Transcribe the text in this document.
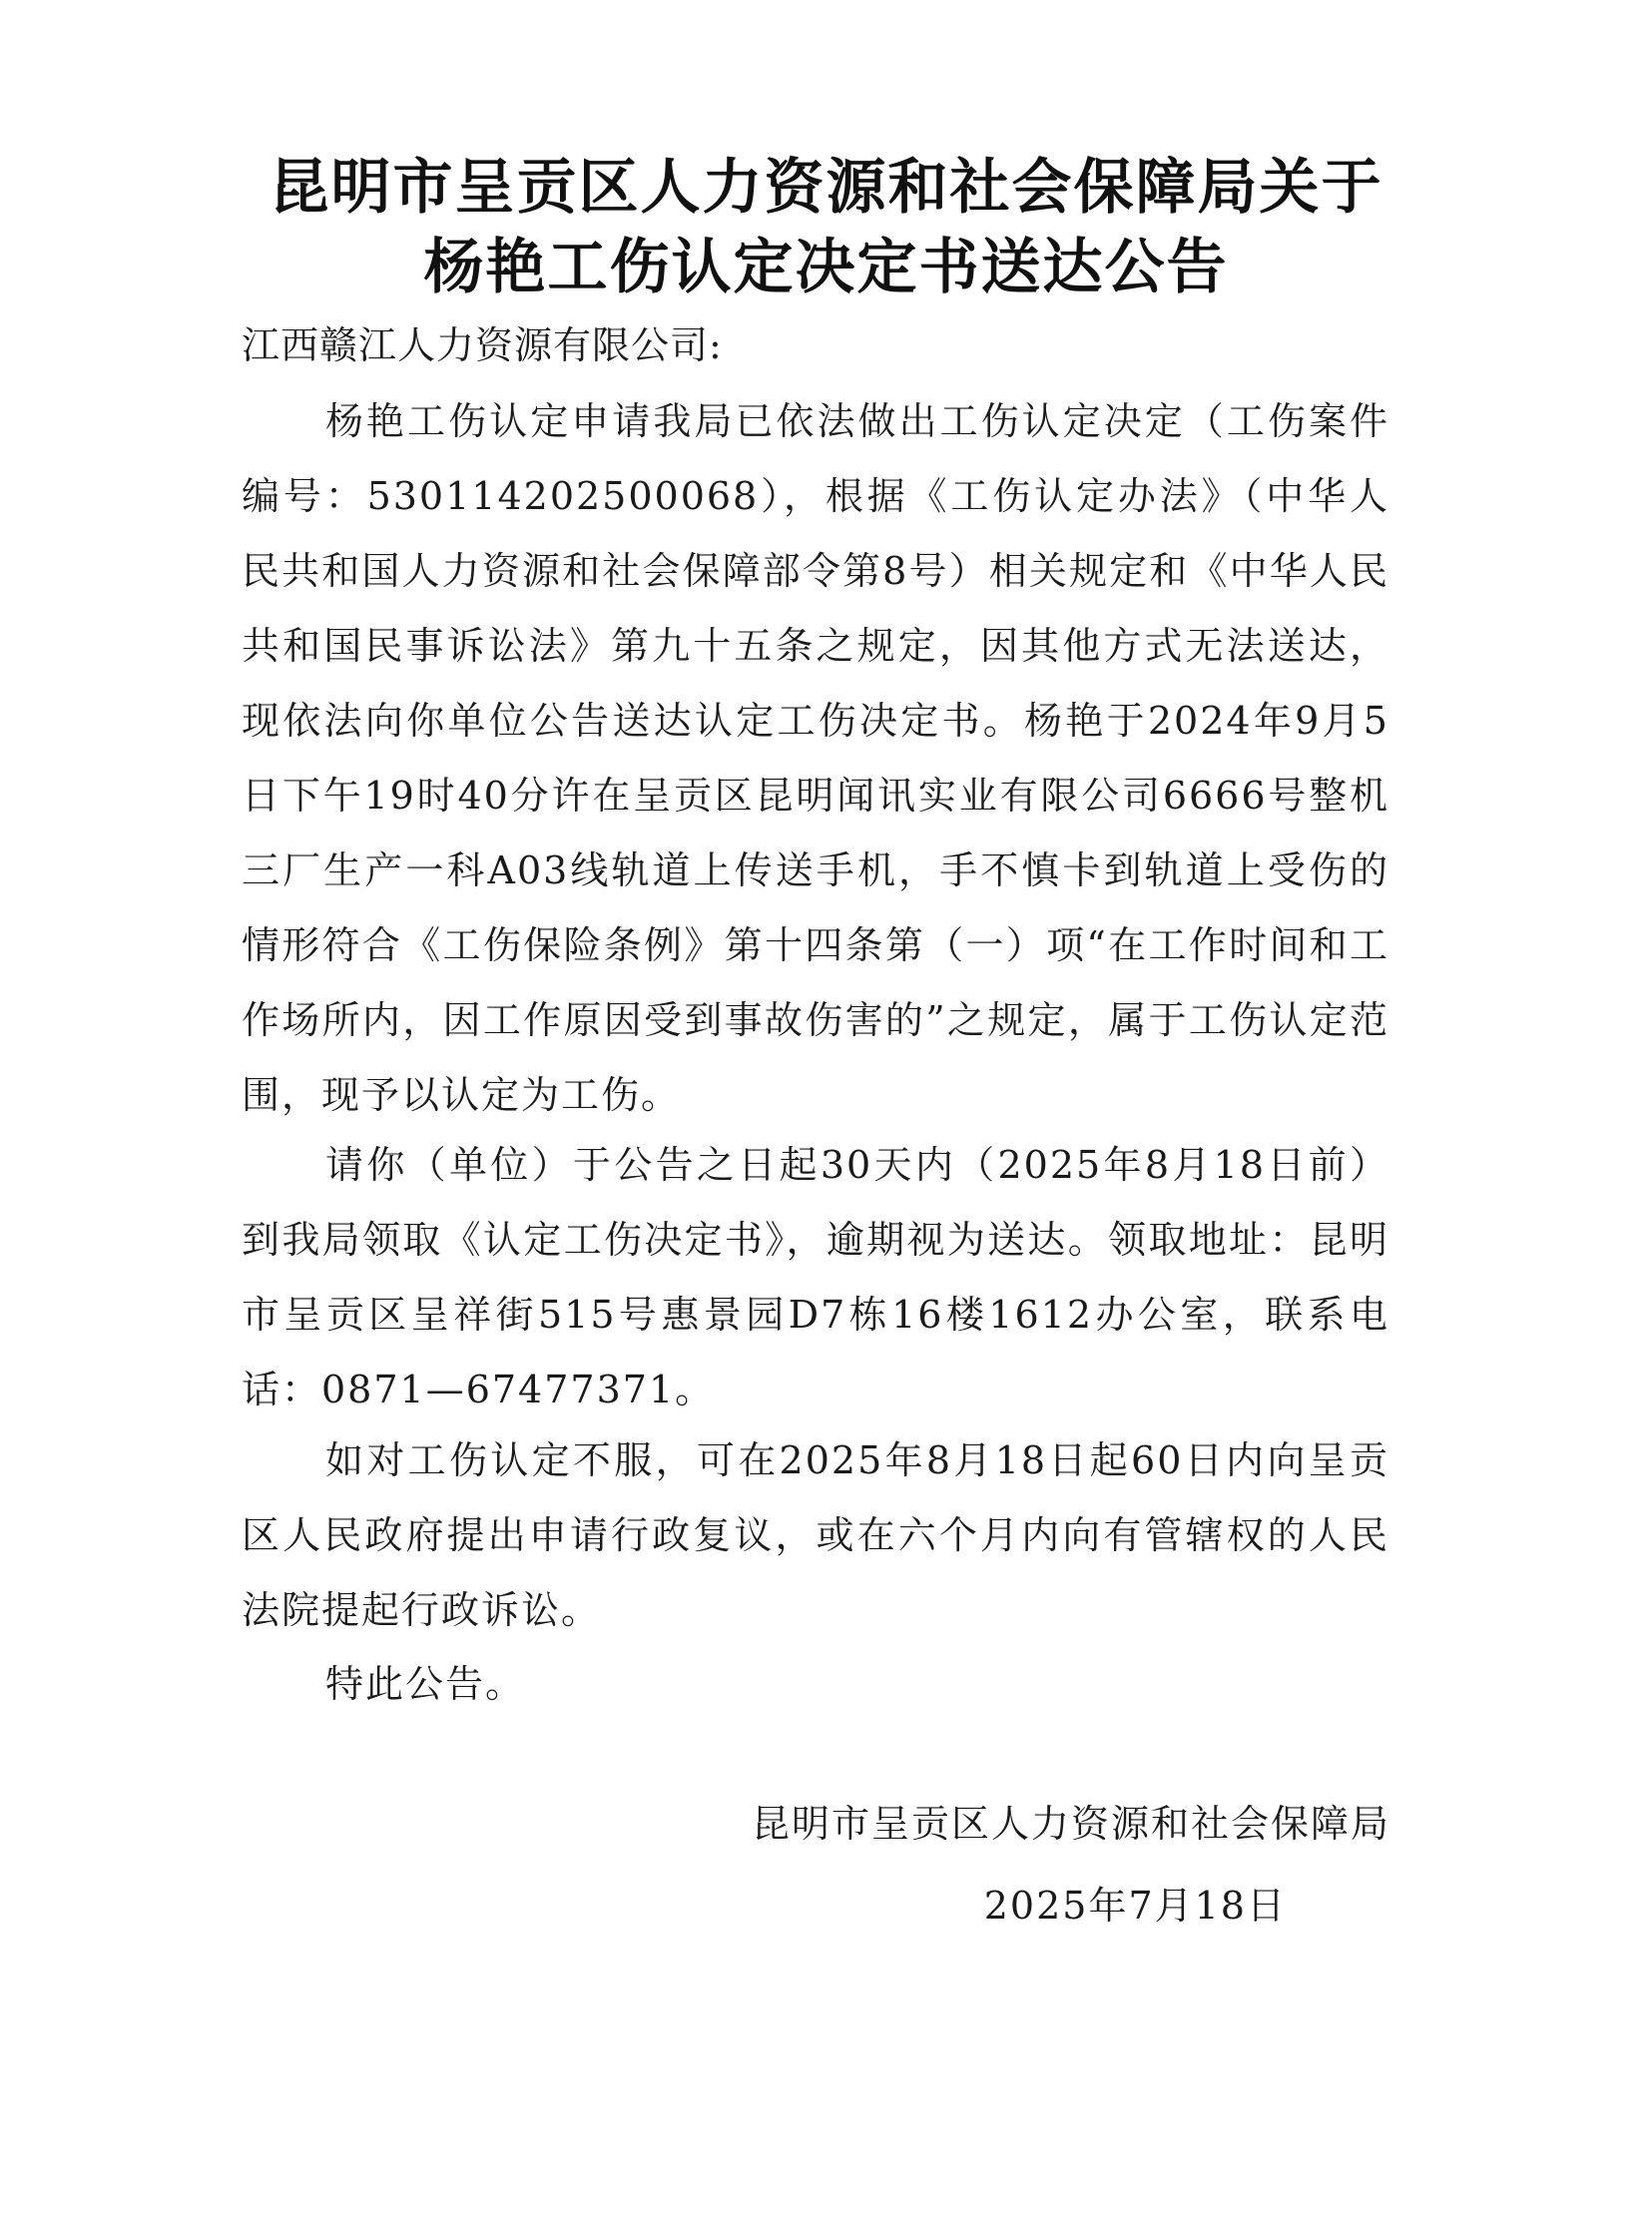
昆明市呈贡区人力资源和社会保障局关于
杨艳工伤认定决定书送达公告
江西赣江人力资源有限公司:
杨艳工伤认定申请我局已依法做出工伤认定决定（工伤案件编号：530114202500068），根据《工伤认定办法》（中华人民共和国人力资源和社会保障部令第8号）相关规定和《中华人民共和国民事诉讼法》第九十五条之规定，因其他方式无法送达，现依法向你单位公告送达认定工伤决定书。杨艳于2024年9月5日下午19时40分许在呈贡区昆明闻讯实业有限公司6666号整机三厂生产一科A03线轨道上传送手机，手不慎卡到轨道上受伤的情形符合《工伤保险条例》第十四条第（一）项“在工作时间和工作场所内，因工作原因受到事故伤害的”之规定，属于工伤认定范围，现予以认定为工伤。
请你（单位）于公告之日起30天内（2025年8月18日前）到我局领取《认定工伤决定书》，逾期视为送达。领取地址：昆明市呈贡区呈祥街515号惠景园D7栋16楼1612办公室，联系电话：0871—67477371。
如对工伤认定不服，可在2025年8月18日起60日内向呈贡区人民政府提出申请行政复议，或在六个月内向有管辖权的人民法院提起行政诉讼。
特此公告。
昆明市呈贡区人力资源和社会保障局
2025年7月18日
